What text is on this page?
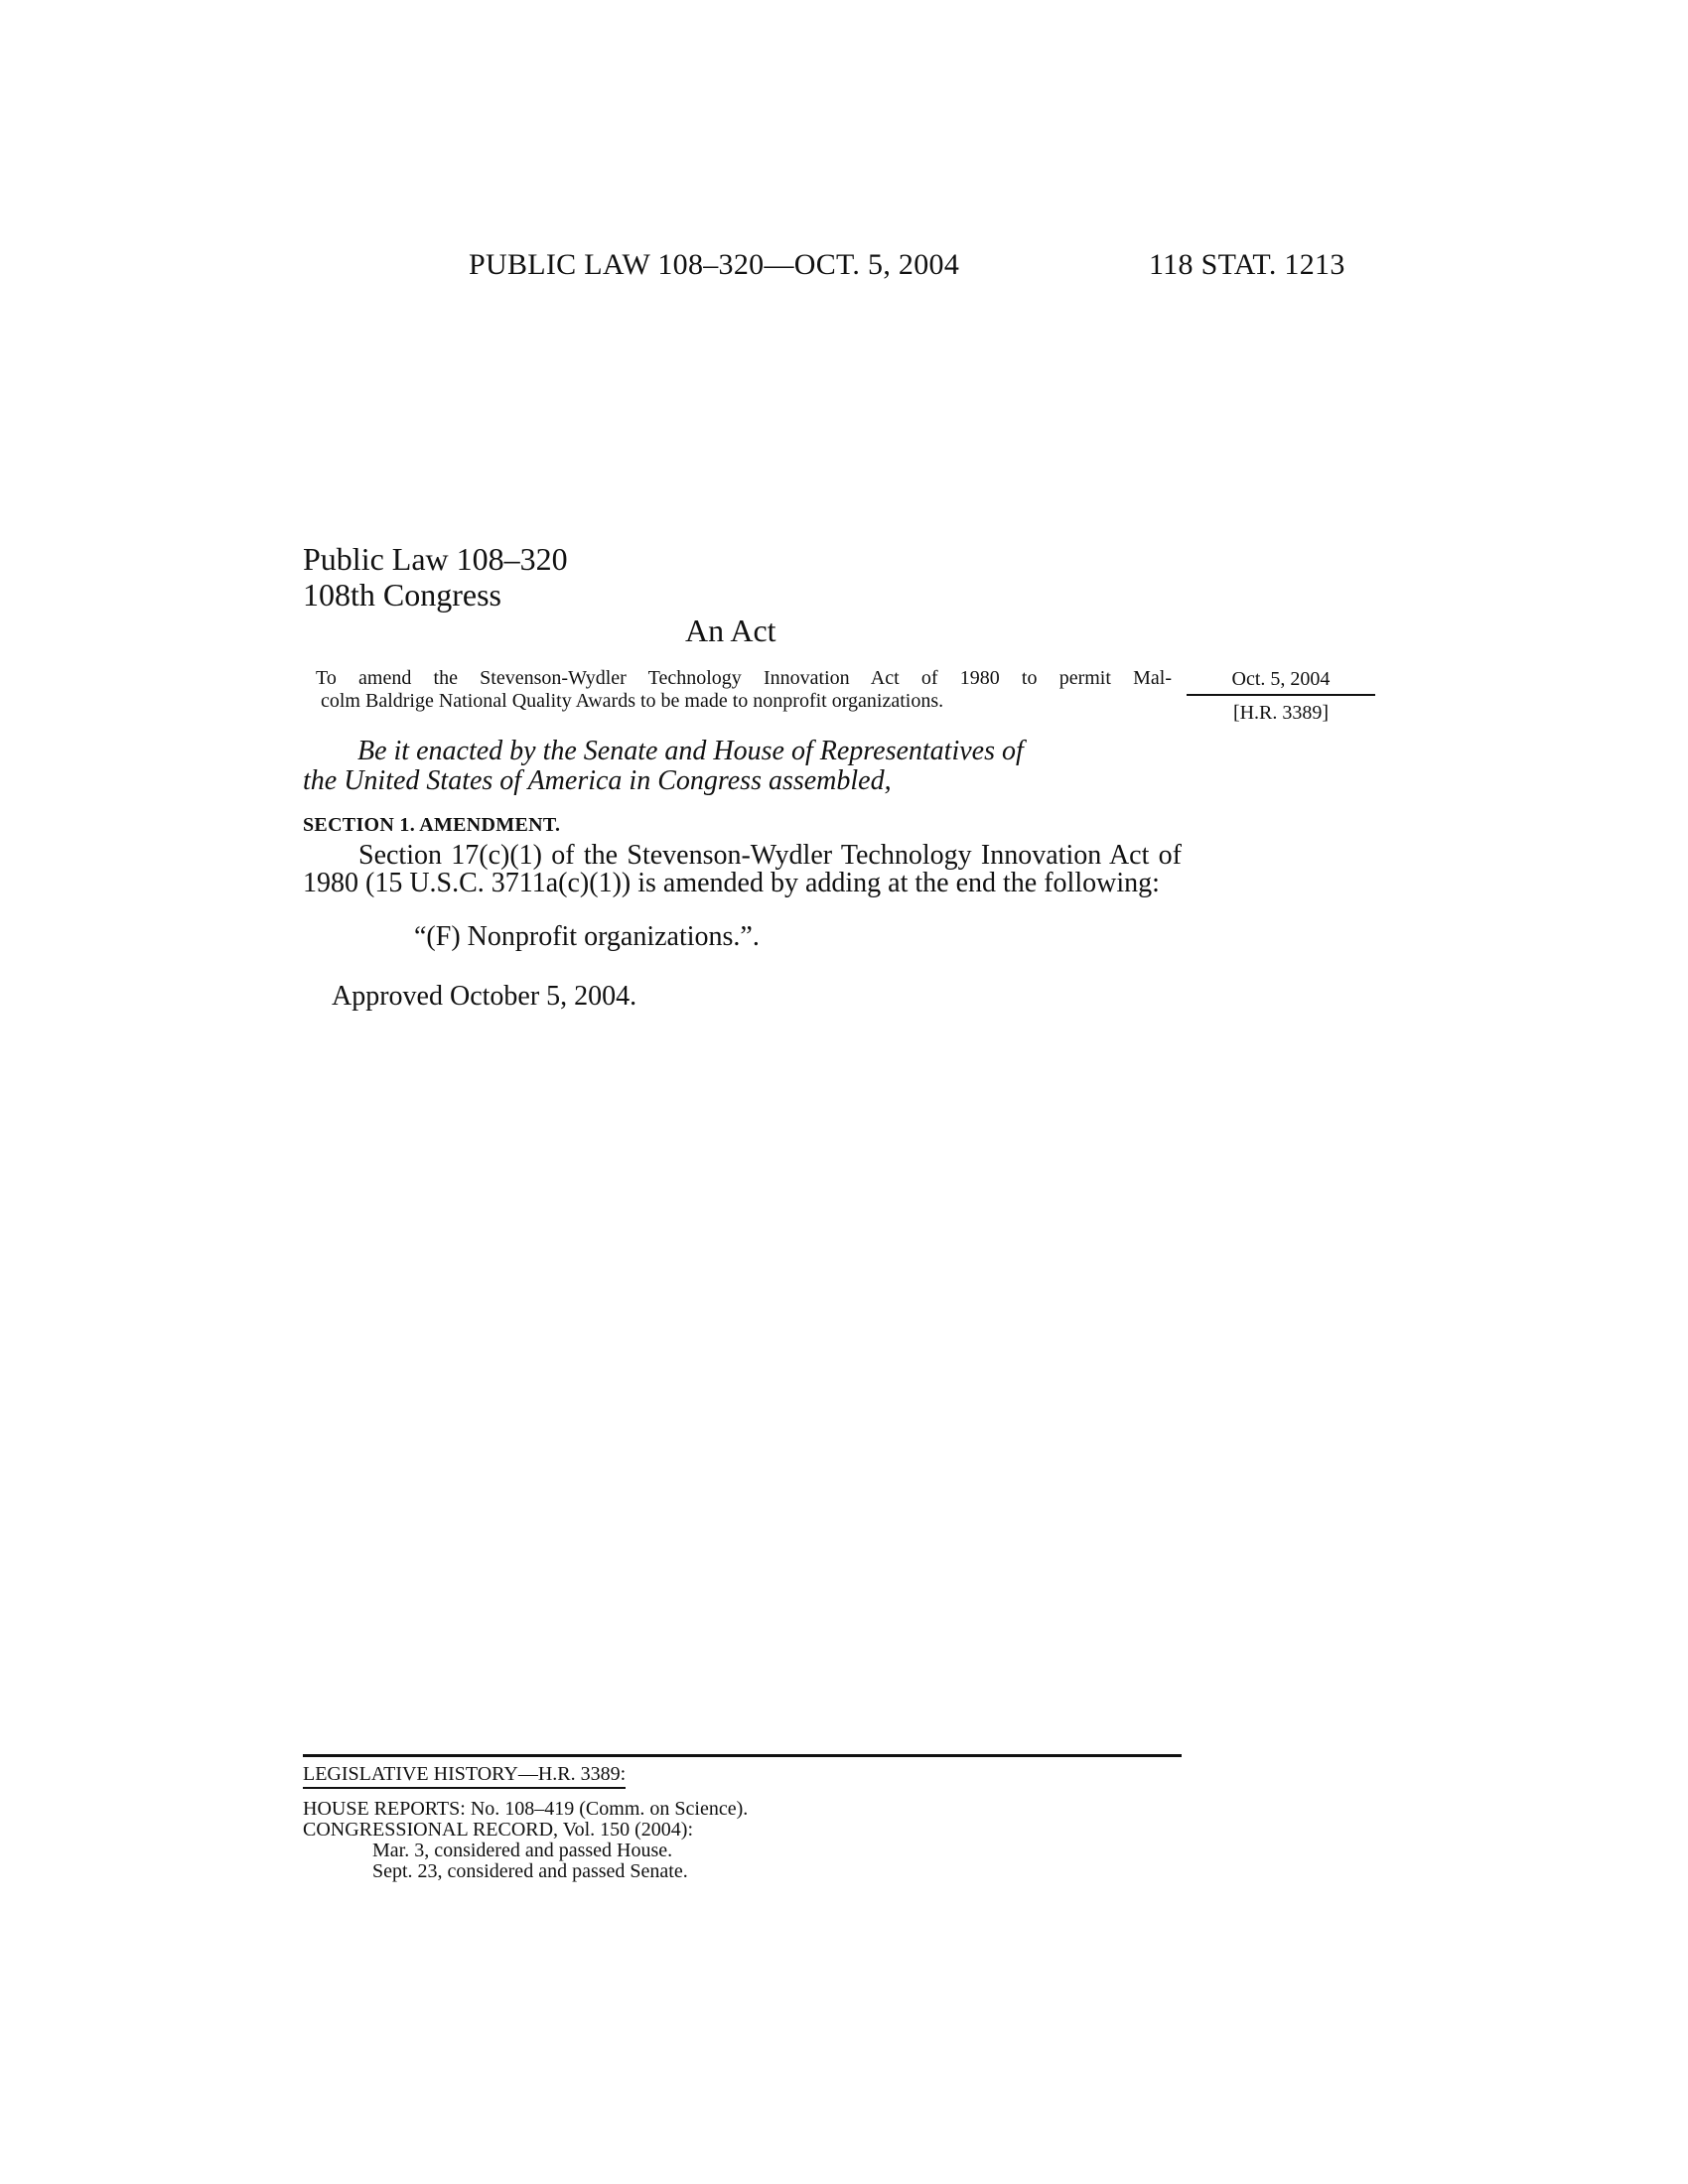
PUBLIC LAW 108–320—OCT. 5, 2004	118 STAT. 1213
Public Law 108–320
108th Congress
An Act
To amend the Stevenson-Wydler Technology Innovation Act of 1980 to permit Mal-
colm Baldrige National Quality Awards to be made to nonprofit organizations.
Oct. 5, 2004
[H.R. 3389]
Be it enacted by the Senate and House of Representatives of
the United States of America in Congress assembled,
SECTION 1. AMENDMENT.
Section 17(c)(1) of the Stevenson-Wydler Technology Innovation Act of 1980 (15 U.S.C. 3711a(c)(1)) is amended by adding at the end the following:
“(F) Nonprofit organizations.”.
Approved October 5, 2004.
LEGISLATIVE HISTORY—H.R. 3389:
HOUSE REPORTS: No. 108–419 (Comm. on Science).
CONGRESSIONAL RECORD, Vol. 150 (2004):
Mar. 3, considered and passed House.
Sept. 23, considered and passed Senate.
